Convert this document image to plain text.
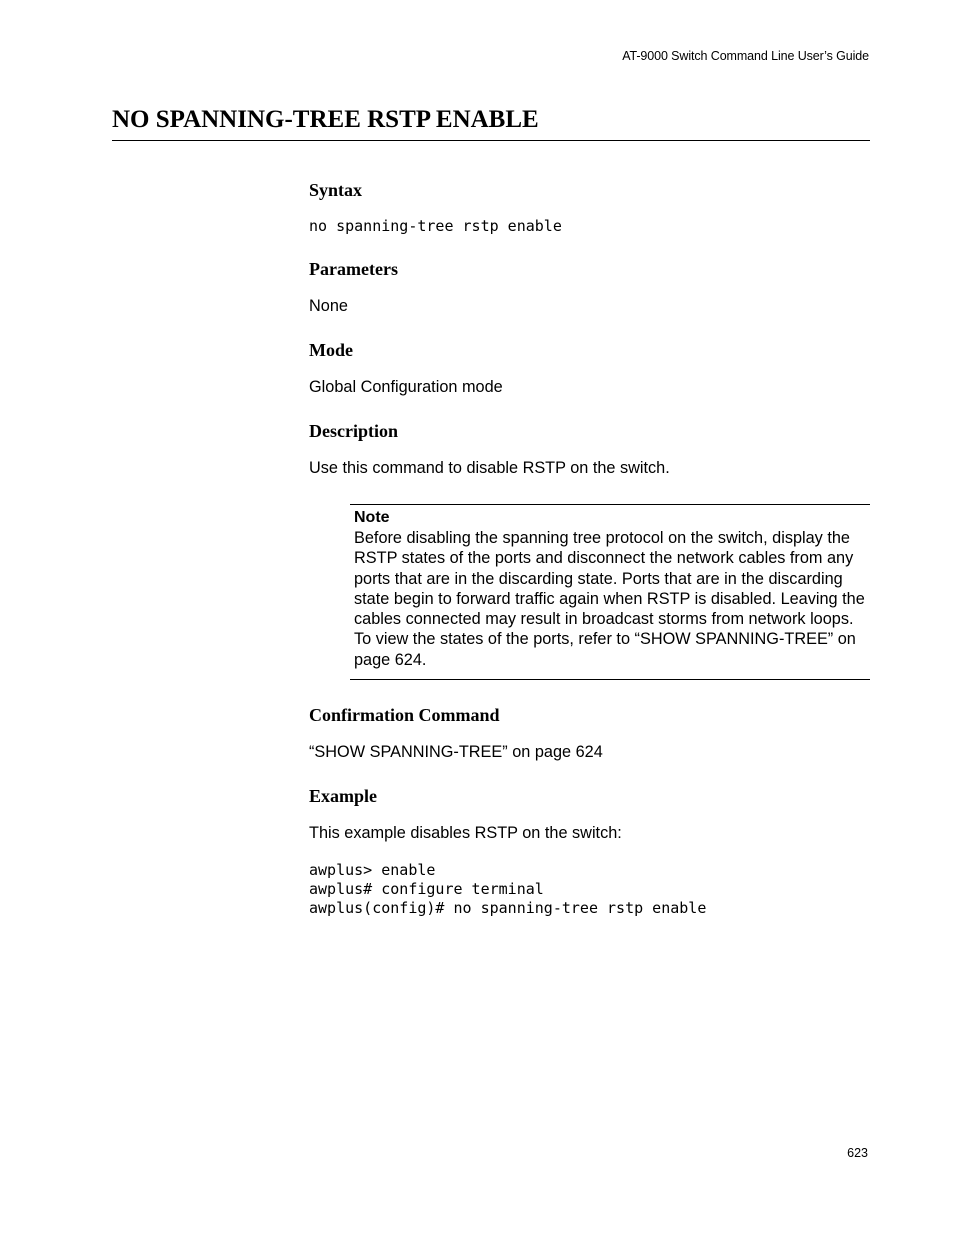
AT-9000 Switch Command Line User’s Guide
NO SPANNING-TREE RSTP ENABLE
Syntax
no spanning-tree rstp enable
Parameters

None

Mode

Global Configuration mode

Description

Use this command to disable RSTP on the switch.

Note

Before disabling the spanning tree protocol on the switch, display the RSTP states of the ports and disconnect the network cables from any ports that are in the discarding state. Ports that are in the discarding state begin to forward traffic again when RSTP is disabled. Leaving the cables connected may result in broadcast storms from network loops. To view the states of the ports, refer to “SHOW SPANNING-TREE” on page 624.

Confirmation Command

“SHOW SPANNING-TREE” on page 624

Example

This example disables RSTP on the switch:

awplus> enable
awplus# configure terminal
awplus(config)# no spanning-tree rstp enable
623
